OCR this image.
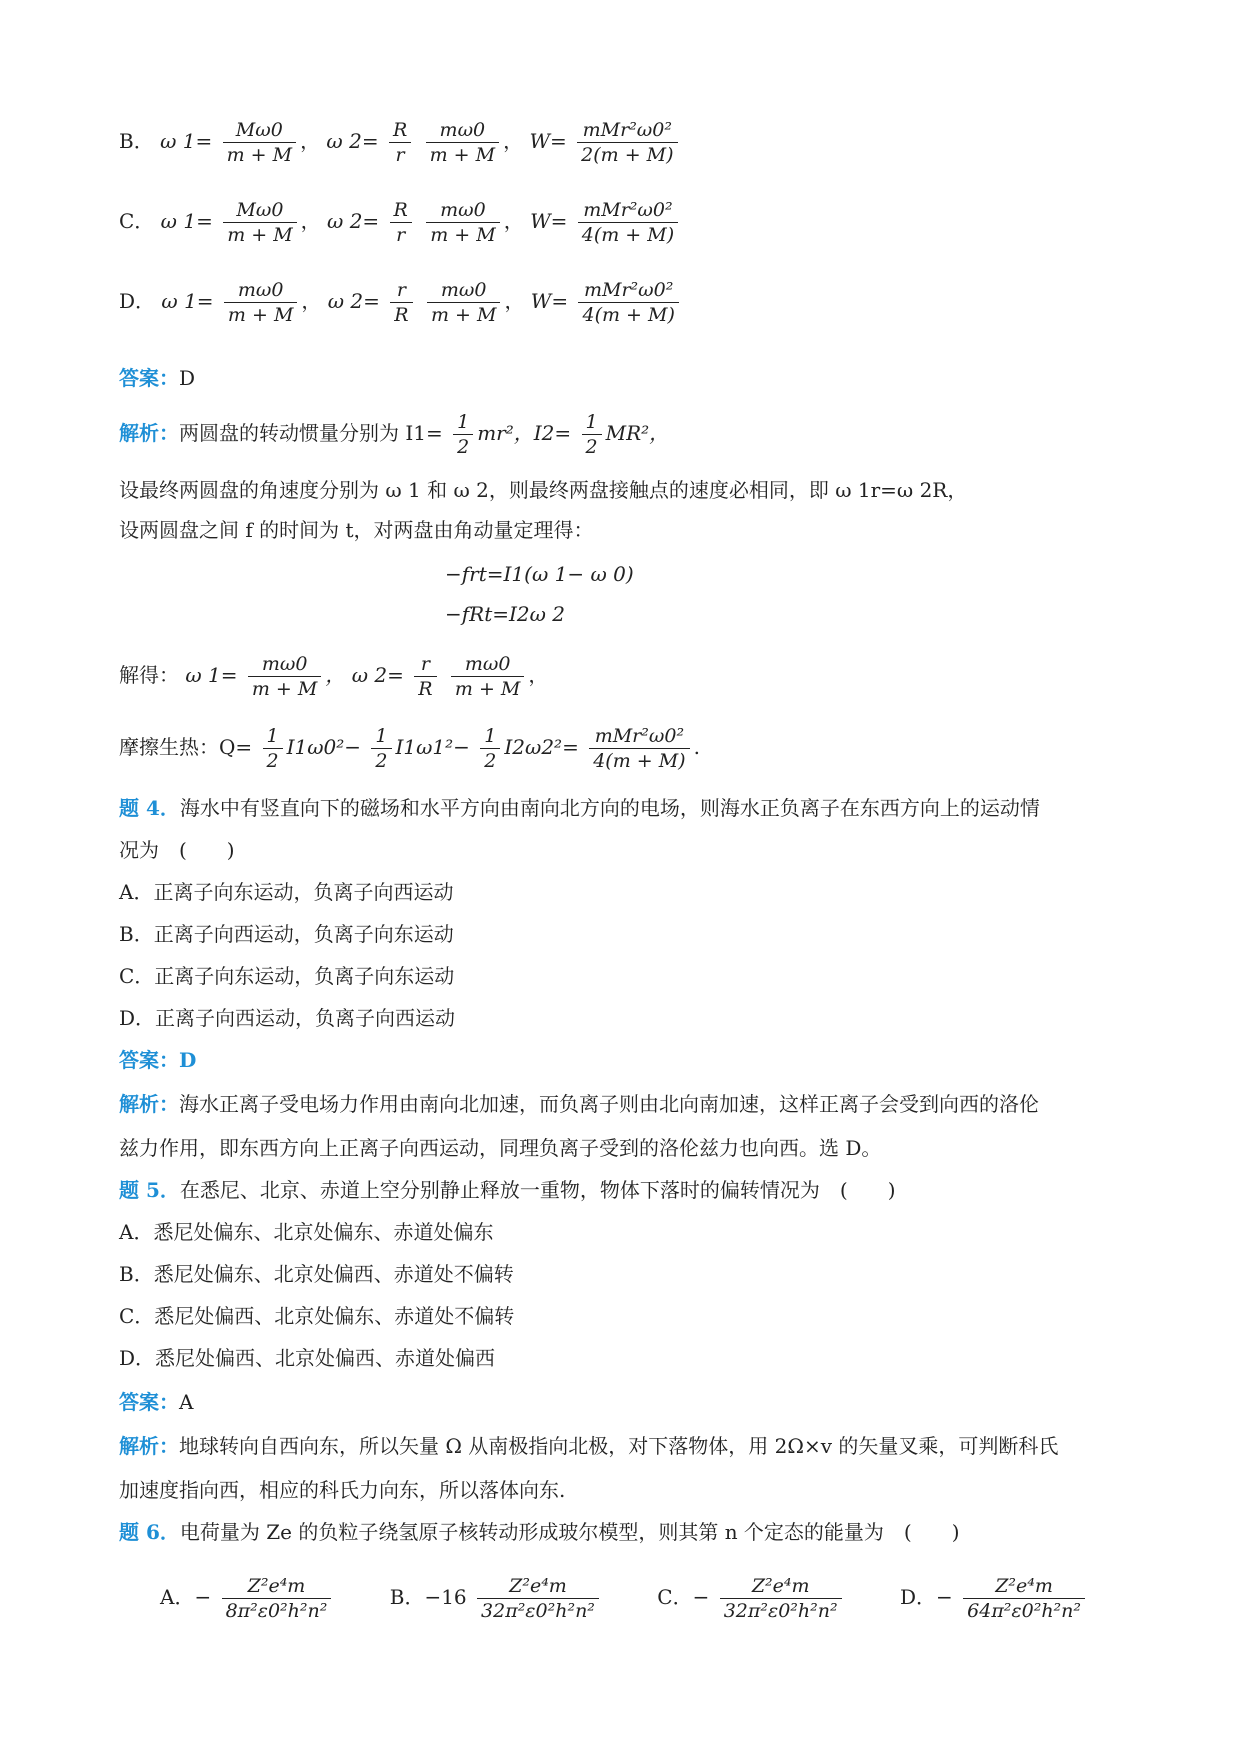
B． ω $1= \frac{M\omega 0}{m + M}$ ， ω $2= \frac{R}{r}$
$\frac{m\omega 0}{m + M}$ ， $W= \frac{\text{mMr²ω0²}}{2(m + M)}$
C． ω $1= \frac{M\omega 0}{m + M}$ ， ω $2= \frac{R}{r}$
$\frac{m\omega 0}{m + M}$ ， $W= \frac{\text{mMr²ω0²}}{4(m + M)}$
D． ω $1= \frac{m\omega 0}{m + M}$ ， ω $2= \frac{r}{R}$
$\frac{m\omega 0}{m + M}$ ， $W= \frac{\text{mMr²ω0²}}{4(m + M)}$
答案：D
解析：两圆盘的转动惯量分别为 $I1= \frac{1}{2} mr^2$，$I2= \frac{1}{2} MR^2$，
设最终两圆盘的角速度分别为 ω 1 和 ω 2，则最终两盘接触点的速度必相同，即 ω 1r=ω 2R，
设两圆盘之间 f 的时间为 t，对两盘由角动量定理得：
−frt=I1(ω 1− ω 0)
−fRt=I2ω 2
解得： ω $1= \frac{m\omega 0}{m + M}$ ， ω $2= \frac{r}{R}$
$\frac{m\omega 0}{m + M}$ ，
摩擦生热：$Q= \frac{1}{2} I1\omega 0^2- \frac{1}{2} I1\omega 1^2- \frac{1}{2} I2\omega 2^2= \frac{\text{mMr²ω0²}}{4(m + M)}$ .
题 4．海水中有竖直向下的磁场和水平方向由南向北方向的电场，则海水正负离子在东西方向上的运动情
况为　(　　)
A．正离子向东运动，负离子向西运动
B．正离子向西运动，负离子向东运动
C．正离子向东运动，负离子向东运动
D．正离子向西运动，负离子向西运动
答案：D
解析：海水正离子受电场力作用由南向北加速，而负离子则由北向南加速，这样正离子会受到向西的洛伦
兹力作用，即东西方向上正离子向西运动，同理负离子受到的洛伦兹力也向西。选 D。
题 5．在悉尼、北京、赤道上空分别静止释放一重物，物体下落时的偏转情况为　(　　)
A．悉尼处偏东、北京处偏东、赤道处偏东
B．悉尼处偏东、北京处偏西、赤道处不偏转
C．悉尼处偏西、北京处偏东、赤道处不偏转
D．悉尼处偏西、北京处偏西、赤道处偏西
答案：A
解析：地球转向自西向东，所以矢量 Ω 从南极指向北极，对下落物体，用 2Ω×v 的矢量叉乘，可判断科氏
加速度指向西，相应的科氏力向东，所以落体向东.
题 6．电荷量为 Ze 的负粒子绕氢原子核转动形成玻尔模型，则其第 n 个定态的能量为　(　　)
A．− $\frac{\text{Z²e⁴m}}{\text{8π²ε0²h²n²}}$	B．$-16 \frac{\text{Z²e⁴m}}{\text{32π²ε0²h²n²}}$	C．− $\frac{\text{Z²e⁴m}}{\text{32π²ε0²h²n²}}$	D．− $\frac{\text{Z²e⁴m}}{\text{64π²ε0²h²n²}}$
